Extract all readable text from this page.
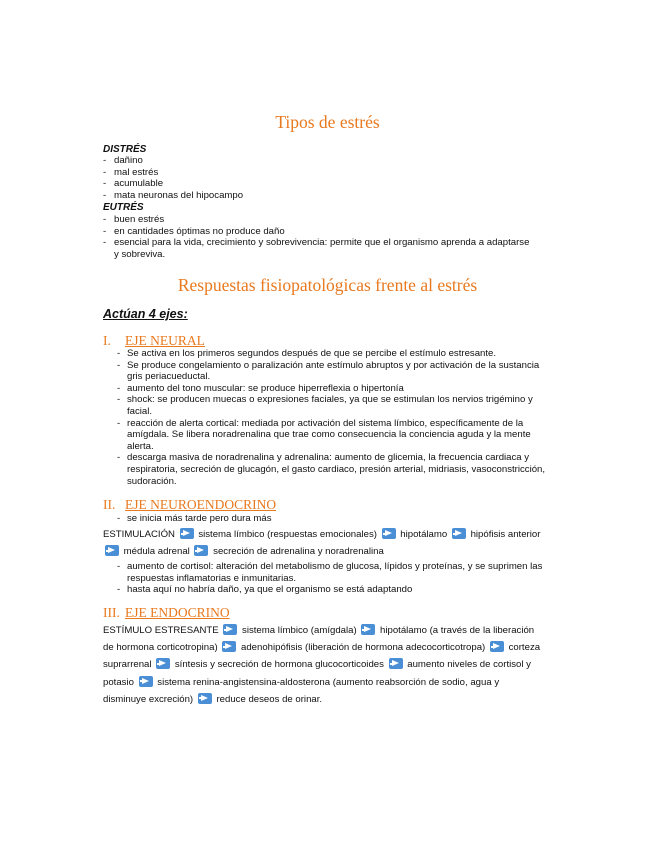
Tipos de estrés
DISTRÉS
- dañino
- mal estrés
- acumulable
- mata neuronas del hipocampo
EUTRÉS
- buen estrés
- en cantidades óptimas no produce daño
- esencial para la vida, crecimiento y sobrevivencia: permite que el organismo aprenda a adaptarse y sobreviva.
Respuestas fisiopatológicas frente al estrés
Actúan 4 ejes:
I. EJE NEURAL
- Se activa en los primeros segundos después de que se percibe el estímulo estresante.
- Se produce congelamiento o paralización ante estímulo abruptos y por activación de la sustancia gris periacueductal.
- aumento del tono muscular: se produce hiperreflexia o hipertonía
- shock: se producen muecas o expresiones faciales, ya que se estimulan los nervios trigémino y facial.
- reacción de alerta cortical: mediada por activación del sistema límbico, específicamente de la amígdala. Se libera noradrenalina que trae como consecuencia la conciencia aguda y la mente alerta.
- descarga masiva de noradrenalina y adrenalina: aumento de glicemia, la frecuencia cardiaca y respiratoria, secreción de glucagón, el gasto cardiaco, presión arterial, midriasis, vasoconstricción, sudoración.
II. EJE NEUROENDOCRINO
- se inicia más tarde pero dura más
ESTIMULACIÓN sistema límbico (respuestas emocionales) hipotálamo hipófisis anterior  médula adrenal secreción de adrenalina y noradrenalina
- aumento de cortisol: alteración del metabolismo de glucosa, lípidos y proteínas, y se suprimen las respuestas inflamatorias e inmunitarias.
- hasta aquí no habría daño, ya que el organismo se está adaptando
III. EJE ENDOCRINO
ESTÍMULO ESTRESANTE sistema límbico (amígdala) hipotálamo (a través de la liberación de hormona corticotropina) adenohipófisis (liberación de hormona adecocorticotropa) corteza suprarrenal síntesis y secreción de hormona glucocorticoides aumento niveles de cortisol y potasio sistema renina-angistensina-aldosterona (aumento reabsorción de sodio, agua y disminuye excreción) reduce deseos de orinar.
